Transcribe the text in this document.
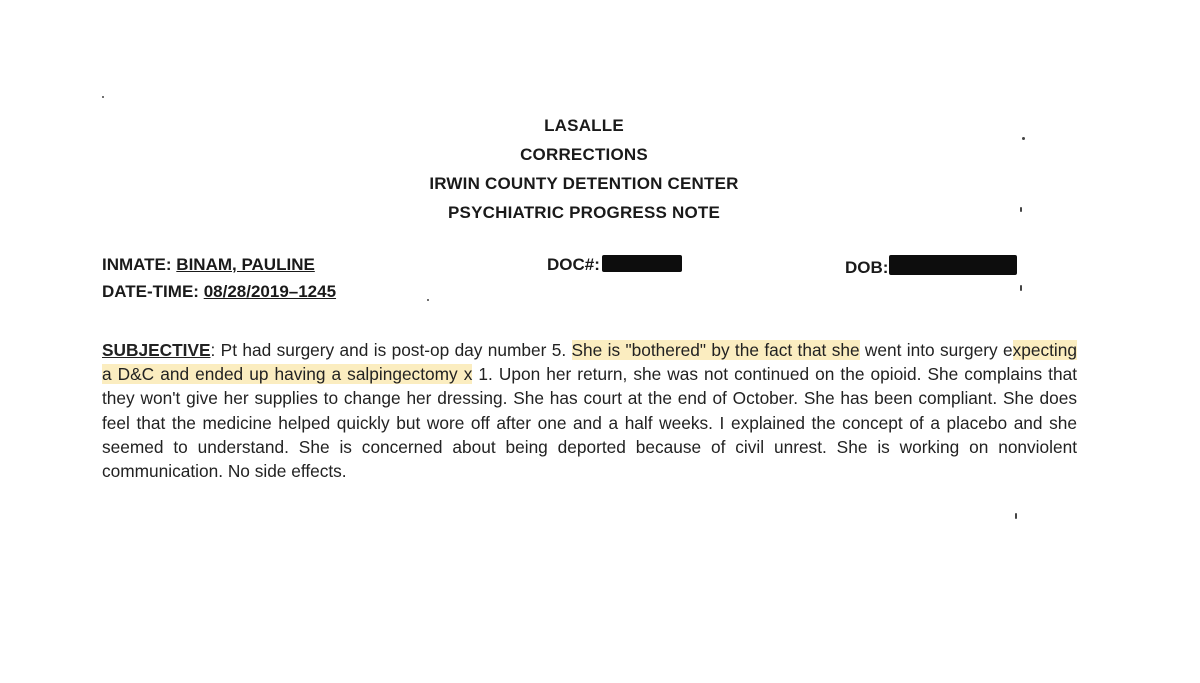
LASALLE
CORRECTIONS
IRWIN COUNTY DETENTION CENTER
PSYCHIATRIC PROGRESS NOTE
INMATE: BINAM, PAULINE	DOC#:	DOB:
DATE-TIME: 08/28/2019–1245
SUBJECTIVE: Pt had surgery and is post-op day number 5. She is "bothered" by the fact that she went into surgery expecting a D&C and ended up having a salpingectomy x 1. Upon her return, she was not continued on the opioid. She complains that they won't give her supplies to change her dressing. She has court at the end of October. She has been compliant. She does feel that the medicine helped quickly but wore off after one and a half weeks. I explained the concept of a placebo and she seemed to understand. She is concerned about being deported because of civil unrest. She is working on nonviolent communication. No side effects.
